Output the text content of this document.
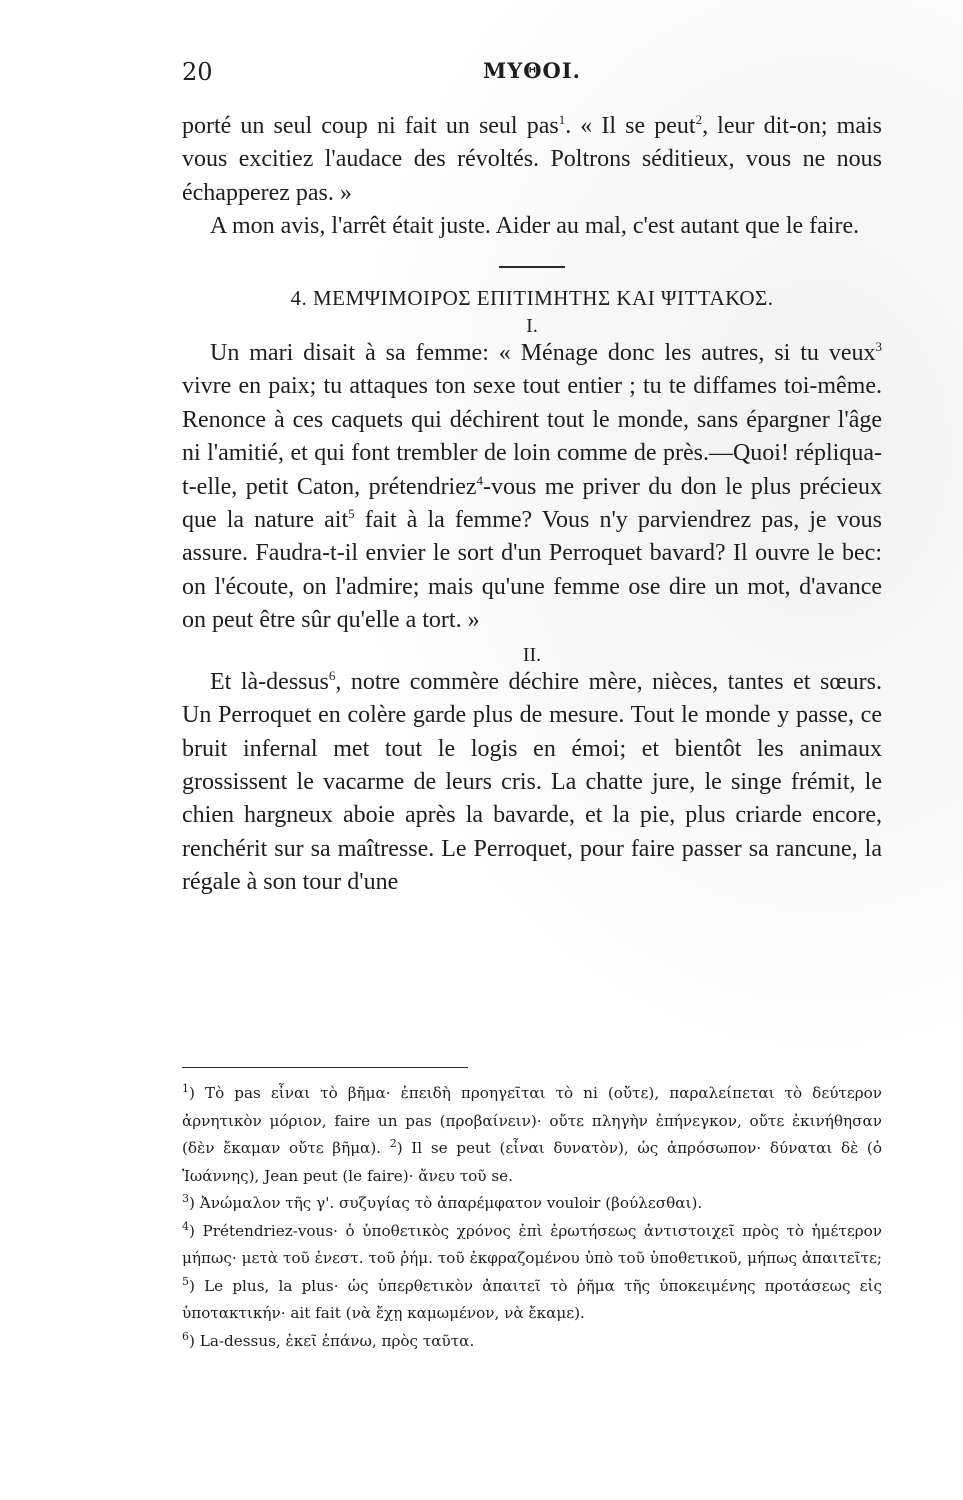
20	ΜΥΘΟΙ.

porté un seul coup ni fait un seul pas$^1$. « Il se peut$^2$, leur dit-on; mais vous excitiez l'audace des révoltés. Poltrons séditieux, vous ne nous échapperez pas. »

A mon avis, l'arrêt était juste. Aider au mal, c'est autant que le faire.

4. ΜΕΜΨΙΜΟΙΡΟΣ ΕΠΙΤΙΜΗΤΗΣ ΚΑΙ ΨΙΤΤΑΚΟΣ.

I.

Un mari disait à sa femme: « Ménage donc les autres, si tu veux$^3$ vivre en paix; tu attaques ton sexe tout entier ; tu te diffames toi-même. Renonce à ces caquets qui déchirent tout le monde, sans épargner l'âge ni l'amitié, et qui font trembler de loin comme de près.—Quoi! répliqua-t-elle, petit Caton, prétendriez$^4$-vous me priver du don le plus précieux que la nature ait$^5$ fait à la femme? Vous n'y parviendrez pas, je vous assure. Faudra-t-il envier le sort d'un Perroquet bavard? Il ouvre le bec: on l'écoute, on l'admire; mais qu'une femme ose dire un mot, d'avance on peut être sûr qu'elle a tort. »

II.

Et là-dessus$^6$, notre commère déchire mère, nièces, tantes et sœurs. Un Perroquet en colère garde plus de mesure. Tout le monde y passe, ce bruit infernal met tout le logis en émoi; et bientôt les animaux grossissent le vacarme de leurs cris. La chatte jure, le singe frémit, le chien hargneux aboie après la bavarde, et la pie, plus criarde encore, renchérit sur sa maîtresse. Le Perroquet, pour faire passer sa rancune, la régale à son tour d'une

$^1$) Τὸ pas εἶναι τὸ βῆμα· ἐπειδὴ προηγεῖται τὸ ni (οὔτε), παραλείπεται τὸ δεύτερον ἀρνητικὸν μόριον, faire un pas (προβαίνειν)· οὔτε πληγὴν ἐπήνεγκον, οὔτε ἐκινήθησαν (δὲν ἔκαμαν οὔτε βῆμα). $^2$) Il se peut (εἶναι δυνατὸν), ὡς ἀπρόσωπον· δύναται δὲ (ὁ Ἰωάννης), Jean peut (le faire)· ἄνευ τοῦ se.

$^3$) Ἀνώμαλον τῆς γ'. συζυγίας τὸ ἀπαρέμφατον vouloir (βούλεσθαι).

$^4$) Prétendriez-vous· ὁ ὑποθετικὸς χρόνος ἐπὶ ἐρωτήσεως ἀντιστοιχεῖ πρὸς τὸ ἡμέτερον μήπως· μετὰ τοῦ ἐνεστ. τοῦ ῥήμ. τοῦ ἐκφραζομένου ὑπὸ τοῦ ὑποθετικοῦ, μήπως ἀπαιτεῖτε; $^5$) Le plus, la plus· ὡς ὑπερθετικὸν ἀπαιτεῖ τὸ ῥῆμα τῆς ὑποκειμένης προτάσεως εἰς ὑποτακτικήν· ait fait (νὰ ἔχῃ καμωμένον, νὰ ἔκαμε).

$^6$) La-dessus, ἐκεῖ ἐπάνω, πρὸς ταῦτα.
